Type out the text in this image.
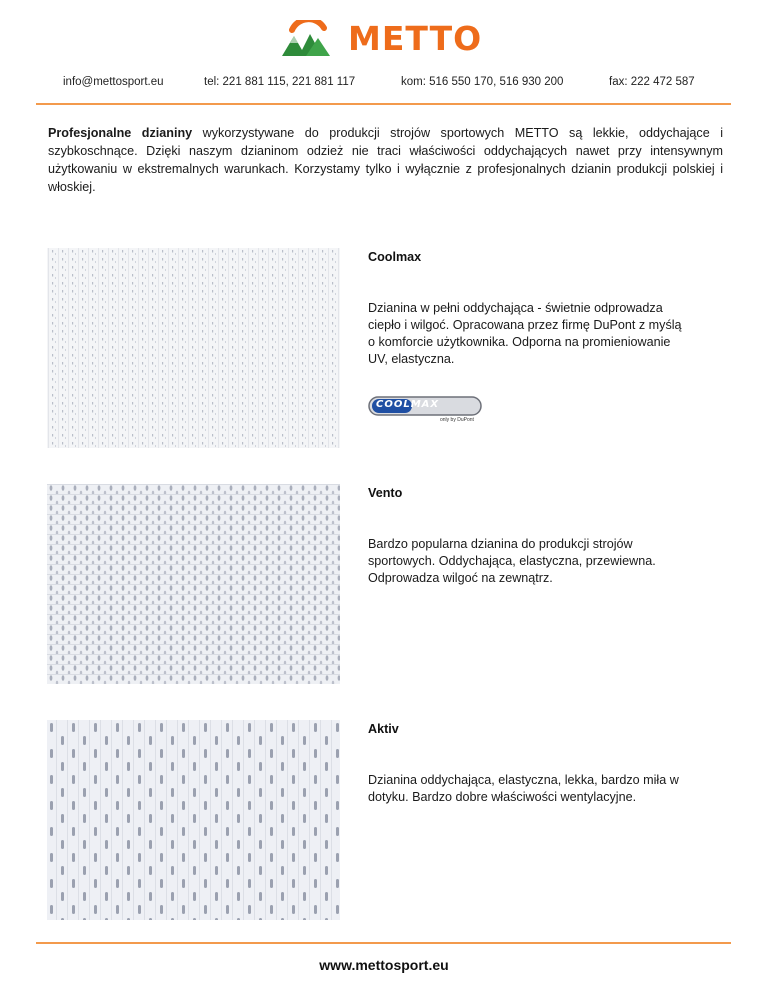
METTO
info@mettosport.eu	tel: 221 881 115, 221 881 117	kom: 516 550 170, 516 930 200	fax: 222 472 587
Profesjonalne dzianiny wykorzystywane do produkcji strojów sportowych METTO są lekkie, oddychające i szybkoschnące. Dzięki naszym dzianinom odzież nie traci właściwości oddychających nawet przy intensywnym użytkowaniu w ekstremalnych warunkach. Korzystamy tylko i wyłącznie z profesjonalnych dzianin produkcji polskiej i włoskiej.
Coolmax
Dzianina w pełni oddychająca - świetnie odprowadza ciepło i wilgoć. Opracowana przez firmę DuPont z myślą o komforcie użytkownika. Odporna na promieniowanie UV, elastyczna.
COOLMAX
only by DuPont
Vento
Bardzo popularna dzianina do produkcji strojów sportowych. Oddychająca, elastyczna, przewiewna. Odprowadza wilgoć na zewnątrz.
Aktiv
Dzianina oddychająca, elastyczna, lekka, bardzo miła w dotyku. Bardzo dobre właściwości wentylacyjne.
www.mettosport.eu
